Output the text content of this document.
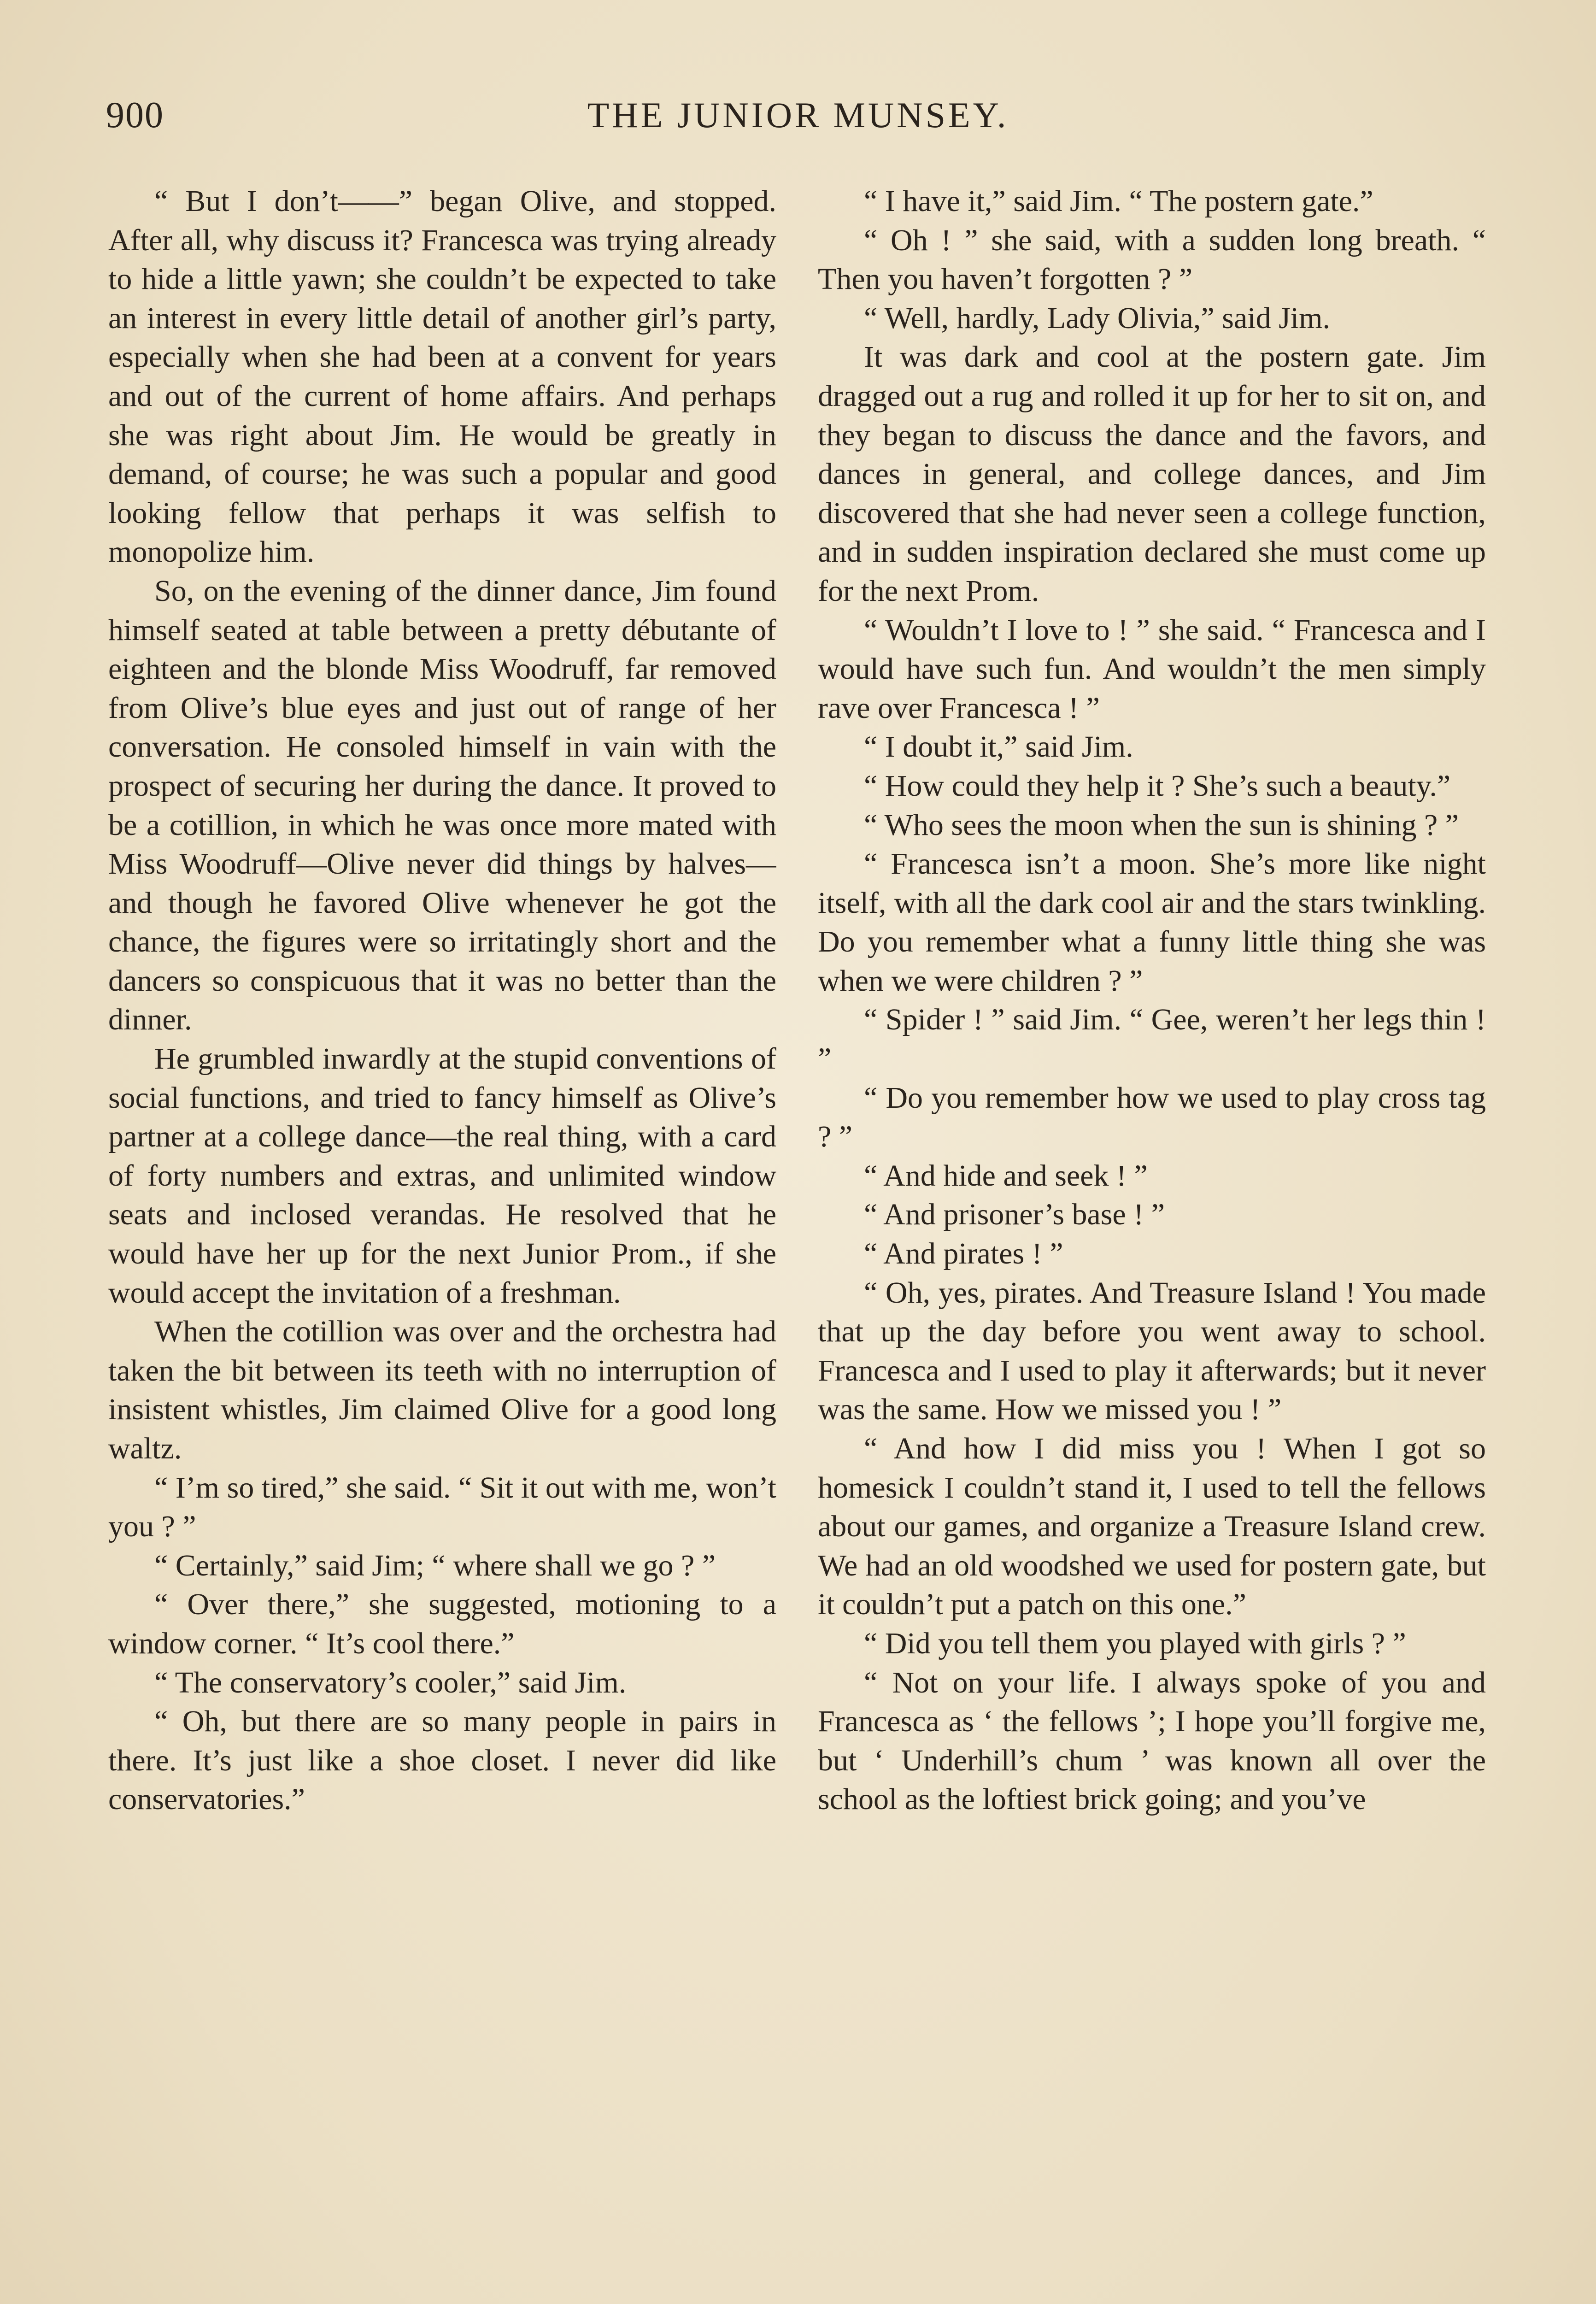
900	THE JUNIOR MUNSEY.

“ But I don’t——” began Olive, and stopped. After all, why discuss it? Francesca was trying already to hide a little yawn; she couldn’t be expected to take an interest in every little detail of another girl’s party, especially when she had been at a convent for years and out of the current of home affairs. And perhaps she was right about Jim. He would be greatly in demand, of course; he was such a popular and good looking fellow that perhaps it was selfish to monopolize him.

So, on the evening of the dinner dance, Jim found himself seated at table between a pretty débutante of eighteen and the blonde Miss Woodruff, far removed from Olive’s blue eyes and just out of range of her conversation. He consoled himself in vain with the prospect of securing her during the dance. It proved to be a cotillion, in which he was once more mated with Miss Woodruff—Olive never did things by halves—and though he favored Olive whenever he got the chance, the figures were so irritatingly short and the dancers so conspicuous that it was no better than the dinner.

He grumbled inwardly at the stupid conventions of social functions, and tried to fancy himself as Olive’s partner at a college dance—the real thing, with a card of forty numbers and extras, and unlimited window seats and inclosed verandas. He resolved that he would have her up for the next Junior Prom., if she would accept the invitation of a freshman.

When the cotillion was over and the orchestra had taken the bit between its teeth with no interruption of insistent whistles, Jim claimed Olive for a good long waltz.

“ I’m so tired,” she said. “ Sit it out with me, won’t you ? ”

“ Certainly,” said Jim; “ where shall we go ? ”

“ Over there,” she suggested, motioning to a window corner. “ It’s cool there.”

“ The conservatory’s cooler,” said Jim.

“ Oh, but there are so many people in pairs in there. It’s just like a shoe closet. I never did like conservatories.”

“ I have it,” said Jim. “ The postern gate.”

“ Oh ! ” she said, with a sudden long breath. “ Then you haven’t forgotten ? ”

“ Well, hardly, Lady Olivia,” said Jim.

It was dark and cool at the postern gate. Jim dragged out a rug and rolled it up for her to sit on, and they began to discuss the dance and the favors, and dances in general, and college dances, and Jim discovered that she had never seen a college function, and in sudden inspiration declared she must come up for the next Prom.

“ Wouldn’t I love to ! ” she said. “ Francesca and I would have such fun. And wouldn’t the men simply rave over Francesca ! ”

“ I doubt it,” said Jim.

“ How could they help it ? She’s such a beauty.”

“ Who sees the moon when the sun is shining ? ”

“ Francesca isn’t a moon. She’s more like night itself, with all the dark cool air and the stars twinkling. Do you remember what a funny little thing she was when we were children ? ”

“ Spider ! ” said Jim. “ Gee, weren’t her legs thin ! ”

“ Do you remember how we used to play cross tag ? ”

“ And hide and seek ! ”

“ And prisoner’s base ! ”

“ And pirates ! ”

“ Oh, yes, pirates. And Treasure Island ! You made that up the day before you went away to school. Francesca and I used to play it afterwards; but it never was the same. How we missed you ! ”

“ And how I did miss you ! When I got so homesick I couldn’t stand it, I used to tell the fellows about our games, and organize a Treasure Island crew. We had an old woodshed we used for postern gate, but it couldn’t put a patch on this one.”

“ Did you tell them you played with girls ? ”

“ Not on your life. I always spoke of you and Francesca as ‘ the fellows ’; I hope you’ll forgive me, but ‘ Underhill’s chum ’ was known all over the school as the loftiest brick going; and you’ve
